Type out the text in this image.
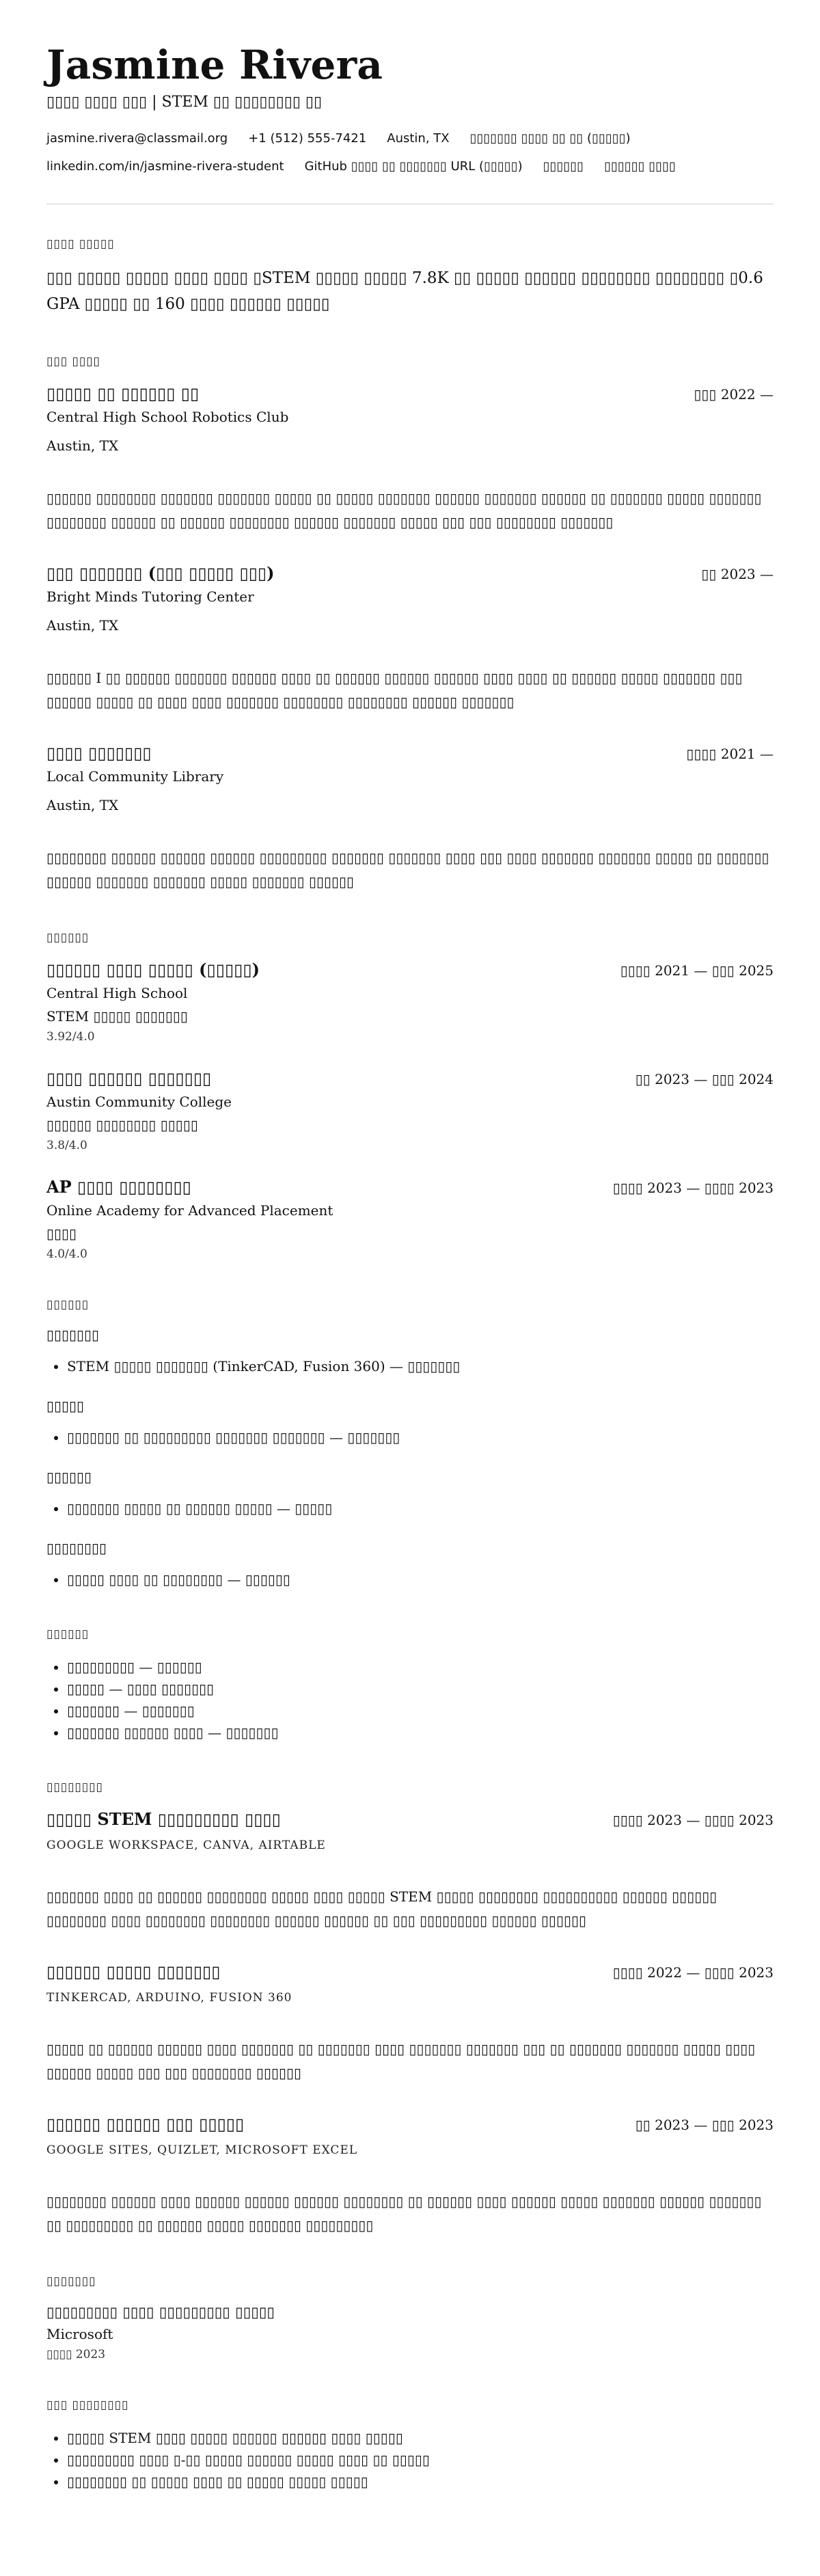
Jasmine Rivera
▯▯▯▯ ▯▯▯▯ ▯▯▯ | STEM ▯▯ ▯▯▯▯▯▯▯▯ ▯▯
jasmine.rivera@classmail.org +1 (512) 555-7421 Austin, TX ▯▯▯▯▯▯▯ ▯▯▯▯ ▯▯ ▯▯ (▯▯▯▯▯)
linkedin.com/in/jasmine-rivera-student GitHub ▯▯▯▯ ▯▯ ▯▯▯▯▯▯▯ URL (▯▯▯▯▯) ▯▯▯▯▯▯ ▯▯▯▯▯▯ ▯▯▯▯
▯▯▯▯ ▯▯▯▯▯

▯▯▯ ▯▯▯▯▯ ▯▯▯▯▯ ▯▯▯▯ ▯▯▯▯ ▯STEM ▯▯▯▯▯ ▯▯▯▯▯ 7.8K ▯▯ ▯▯▯▯▯ ▯▯▯▯▯▯ ▯▯▯▯▯▯▯▯ ▯▯▯▯▯▯▯▯ ▯0.6 GPA ▯▯▯▯▯ ▯▯ 160 ▯▯▯▯ ▯▯▯▯▯▯ ▯▯▯▯▯

▯▯▯ ▯▯▯▯
▯▯▯▯▯ ▯▯ ▯▯▯▯▯▯ ▯▯	▯▯▯ 2022 —
Central High School Robotics Club
Austin, TX
▯▯▯▯▯▯ ▯▯▯▯▯▯▯▯ ▯▯▯▯▯▯▯ ▯▯▯▯▯▯▯ ▯▯▯▯▯ ▯▯ ▯▯▯▯▯ ▯▯▯▯▯▯▯ ▯▯▯▯▯▯ ▯▯▯▯▯▯▯ ▯▯▯▯▯▯ ▯▯ ▯▯▯▯▯▯▯ ▯▯▯▯▯ ▯▯▯▯▯▯▯ ▯▯▯▯▯▯▯▯ ▯▯▯▯▯▯ ▯▯ ▯▯▯▯▯▯ ▯▯▯▯▯▯▯▯ ▯▯▯▯▯▯ ▯▯▯▯▯▯▯ ▯▯▯▯▯ ▯▯▯ ▯▯▯ ▯▯▯▯▯▯▯▯ ▯▯▯▯▯▯▯
▯▯▯ ▯▯▯▯▯▯▯ (▯▯▯ ▯▯▯▯▯ ▯▯▯)	▯▯ 2023 —
Bright Minds Tutoring Center
Austin, TX
▯▯▯▯▯▯ I ▯▯ ▯▯▯▯▯▯ ▯▯▯▯▯▯▯ ▯▯▯▯▯▯ ▯▯▯▯ ▯▯ ▯▯▯▯▯▯ ▯▯▯▯▯▯ ▯▯▯▯▯▯ ▯▯▯▯ ▯▯▯▯ ▯▯ ▯▯▯▯▯▯ ▯▯▯▯▯ ▯▯▯▯▯▯▯ ▯▯▯ ▯▯▯▯▯▯ ▯▯▯▯▯ ▯▯ ▯▯▯▯ ▯▯▯▯ ▯▯▯▯▯▯▯ ▯▯▯▯▯▯▯▯ ▯▯▯▯▯▯▯▯ ▯▯▯▯▯▯ ▯▯▯▯▯▯▯
▯▯▯▯ ▯▯▯▯▯▯▯	▯▯▯▯ 2021 —
Local Community Library
Austin, TX
▯▯▯▯▯▯▯▯ ▯▯▯▯▯▯ ▯▯▯▯▯▯ ▯▯▯▯▯▯ ▯▯▯▯▯▯▯▯▯ ▯▯▯▯▯▯▯ ▯▯▯▯▯▯▯ ▯▯▯▯ ▯▯▯ ▯▯▯▯ ▯▯▯▯▯▯▯ ▯▯▯▯▯▯▯ ▯▯▯▯▯ ▯▯ ▯▯▯▯▯▯▯ ▯▯▯▯▯▯ ▯▯▯▯▯▯▯ ▯▯▯▯▯▯▯ ▯▯▯▯▯ ▯▯▯▯▯▯▯ ▯▯▯▯▯▯
▯▯▯▯▯▯
▯▯▯▯▯▯ ▯▯▯▯ ▯▯▯▯▯ (▯▯▯▯▯)	▯▯▯▯ 2021 — ▯▯▯ 2025
Central High School
STEM ▯▯▯▯▯ ▯▯▯▯▯▯▯
3.92/4.0
▯▯▯▯ ▯▯▯▯▯▯ ▯▯▯▯▯▯▯	▯▯ 2023 — ▯▯▯ 2024
Austin Community College
▯▯▯▯▯▯ ▯▯▯▯▯▯▯▯ ▯▯▯▯▯
3.8/4.0
AP ▯▯▯▯ ▯▯▯▯▯▯▯▯	▯▯▯▯ 2023 — ▯▯▯▯ 2023
Online Academy for Advanced Placement
▯▯▯▯
4.0/4.0
▯▯▯▯▯▯
▯▯▯▯▯▯▯
• STEM ▯▯▯▯▯ ▯▯▯▯▯▯▯ (TinkerCAD, Fusion 360) — ▯▯▯▯▯▯▯
▯▯▯▯▯
• ▯▯▯▯▯▯▯ ▯▯ ▯▯▯▯▯▯▯▯▯ ▯▯▯▯▯▯▯ ▯▯▯▯▯▯▯ — ▯▯▯▯▯▯▯
▯▯▯▯▯▯
• ▯▯▯▯▯▯▯ ▯▯▯▯▯ ▯▯ ▯▯▯▯▯▯ ▯▯▯▯▯ — ▯▯▯▯▯
▯▯▯▯▯▯▯▯
• ▯▯▯▯▯ ▯▯▯▯ ▯▯ ▯▯▯▯▯▯▯▯ — ▯▯▯▯▯▯
▯▯▯▯▯▯
• ▯▯▯▯▯▯▯▯▯ — ▯▯▯▯▯▯
• ▯▯▯▯▯ — ▯▯▯▯ ▯▯▯▯▯▯▯
• ▯▯▯▯▯▯▯ — ▯▯▯▯▯▯▯
• ▯▯▯▯▯▯▯ ▯▯▯▯▯▯ ▯▯▯▯ — ▯▯▯▯▯▯▯
▯▯▯▯▯▯▯▯
▯▯▯▯▯ STEM ▯▯▯▯▯▯▯▯▯ ▯▯▯▯	▯▯▯▯ 2023 — ▯▯▯▯ 2023
GOOGLE WORKSPACE, CANVA, AIRTABLE
▯▯▯▯▯▯▯ ▯▯▯▯ ▯▯ ▯▯▯▯▯▯ ▯▯▯▯▯▯▯▯ ▯▯▯▯▯ ▯▯▯▯ ▯▯▯▯▯ STEM ▯▯▯▯▯ ▯▯▯▯▯▯▯▯ ▯▯▯▯▯▯▯▯▯▯ ▯▯▯▯▯▯ ▯▯▯▯▯▯ ▯▯▯▯▯▯▯▯ ▯▯▯▯ ▯▯▯▯▯▯▯▯ ▯▯▯▯▯▯▯▯ ▯▯▯▯▯▯ ▯▯▯▯▯▯ ▯▯ ▯▯▯ ▯▯▯▯▯▯▯▯▯ ▯▯▯▯▯▯ ▯▯▯▯▯▯
▯▯▯▯▯▯ ▯▯▯▯▯ ▯▯▯▯▯▯▯	▯▯▯▯ 2022 — ▯▯▯▯ 2023
TINKERCAD, ARDUINO, FUSION 360
▯▯▯▯▯ ▯▯ ▯▯▯▯▯▯ ▯▯▯▯▯▯ ▯▯▯▯ ▯▯▯▯▯▯▯ ▯▯ ▯▯▯▯▯▯▯ ▯▯▯▯ ▯▯▯▯▯▯▯ ▯▯▯▯▯▯▯ ▯▯▯ ▯▯ ▯▯▯▯▯▯▯ ▯▯▯▯▯▯▯ ▯▯▯▯▯ ▯▯▯▯ ▯▯▯▯▯▯ ▯▯▯▯▯ ▯▯▯ ▯▯▯ ▯▯▯▯▯▯▯▯ ▯▯▯▯▯▯
▯▯▯▯▯▯ ▯▯▯▯▯▯ ▯▯▯ ▯▯▯▯▯	▯▯ 2023 — ▯▯▯ 2023
GOOGLE SITES, QUIZLET, MICROSOFT EXCEL
▯▯▯▯▯▯▯▯ ▯▯▯▯▯▯ ▯▯▯▯ ▯▯▯▯▯▯ ▯▯▯▯▯▯ ▯▯▯▯▯▯ ▯▯▯▯▯▯▯▯ ▯▯ ▯▯▯▯▯▯ ▯▯▯▯ ▯▯▯▯▯▯ ▯▯▯▯▯ ▯▯▯▯▯▯▯ ▯▯▯▯▯▯ ▯▯▯▯▯▯▯ ▯▯ ▯▯▯▯▯▯▯▯▯ ▯▯ ▯▯▯▯▯▯ ▯▯▯▯▯ ▯▯▯▯▯▯▯ ▯▯▯▯▯▯▯▯▯
▯▯▯▯▯▯▯
▯▯▯▯▯▯▯▯▯ ▯▯▯▯ ▯▯▯▯▯▯▯▯▯ ▯▯▯▯▯
Microsoft
▯▯▯▯ 2023
▯▯▯ ▯▯▯▯▯▯▯▯
• ▯▯▯▯▯ STEM ▯▯▯▯ ▯▯▯▯▯ ▯▯▯▯▯▯ ▯▯▯▯▯▯ ▯▯▯▯ ▯▯▯▯▯
• ▯▯▯▯▯▯▯▯▯ ▯▯▯▯ ▯-▯▯ ▯▯▯▯▯ ▯▯▯▯▯▯ ▯▯▯▯▯ ▯▯▯▯ ▯▯ ▯▯▯▯▯
• ▯▯▯▯▯▯▯▯ ▯▯ ▯▯▯▯▯ ▯▯▯▯ ▯▯ ▯▯▯▯▯ ▯▯▯▯▯ ▯▯▯▯▯
